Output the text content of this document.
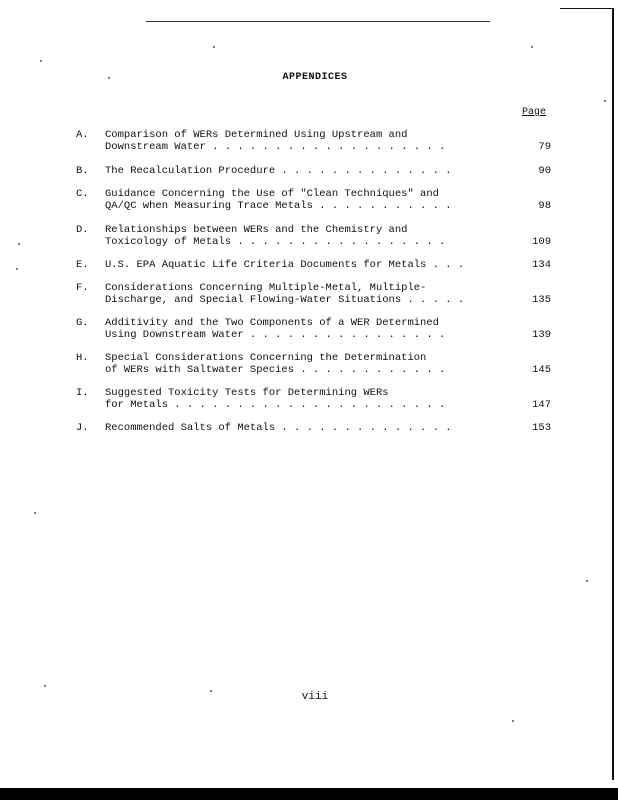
APPENDICES
Page
A. Comparison of WERs Determined Using Upstream and
Downstream Water . . . . . . . . . . . . . . . . . . .	79
B. The Recalculation Procedure . . . . . . . . . . . . . .	90
C. Guidance Concerning the Use of "Clean Techniques" and
QA/QC when Measuring Trace Metals . . . . . . . . . . .	98
D. Relationships between WERs and the Chemistry and
Toxicology of Metals . . . . . . . . . . . . . . . . .	109
E. U.S. EPA Aquatic Life Criteria Documents for Metals . . .	134
F. Considerations Concerning Multiple-Metal, Multiple-
Discharge, and Special Flowing-Water Situations . . . . .	135
G. Additivity and the Two Components of a WER Determined
Using Downstream Water . . . . . . . . . . . . . . . .	139
H. Special Considerations Concerning the Determination
of WERs with Saltwater Species . . . . . . . . . . . .	145
I. Suggested Toxicity Tests for Determining WERs
for Metals . . . . . . . . . . . . . . . . . . . . . .	147
J. Recommended Salts of Metals . . . . . . . . . . . . . .	153
viii
